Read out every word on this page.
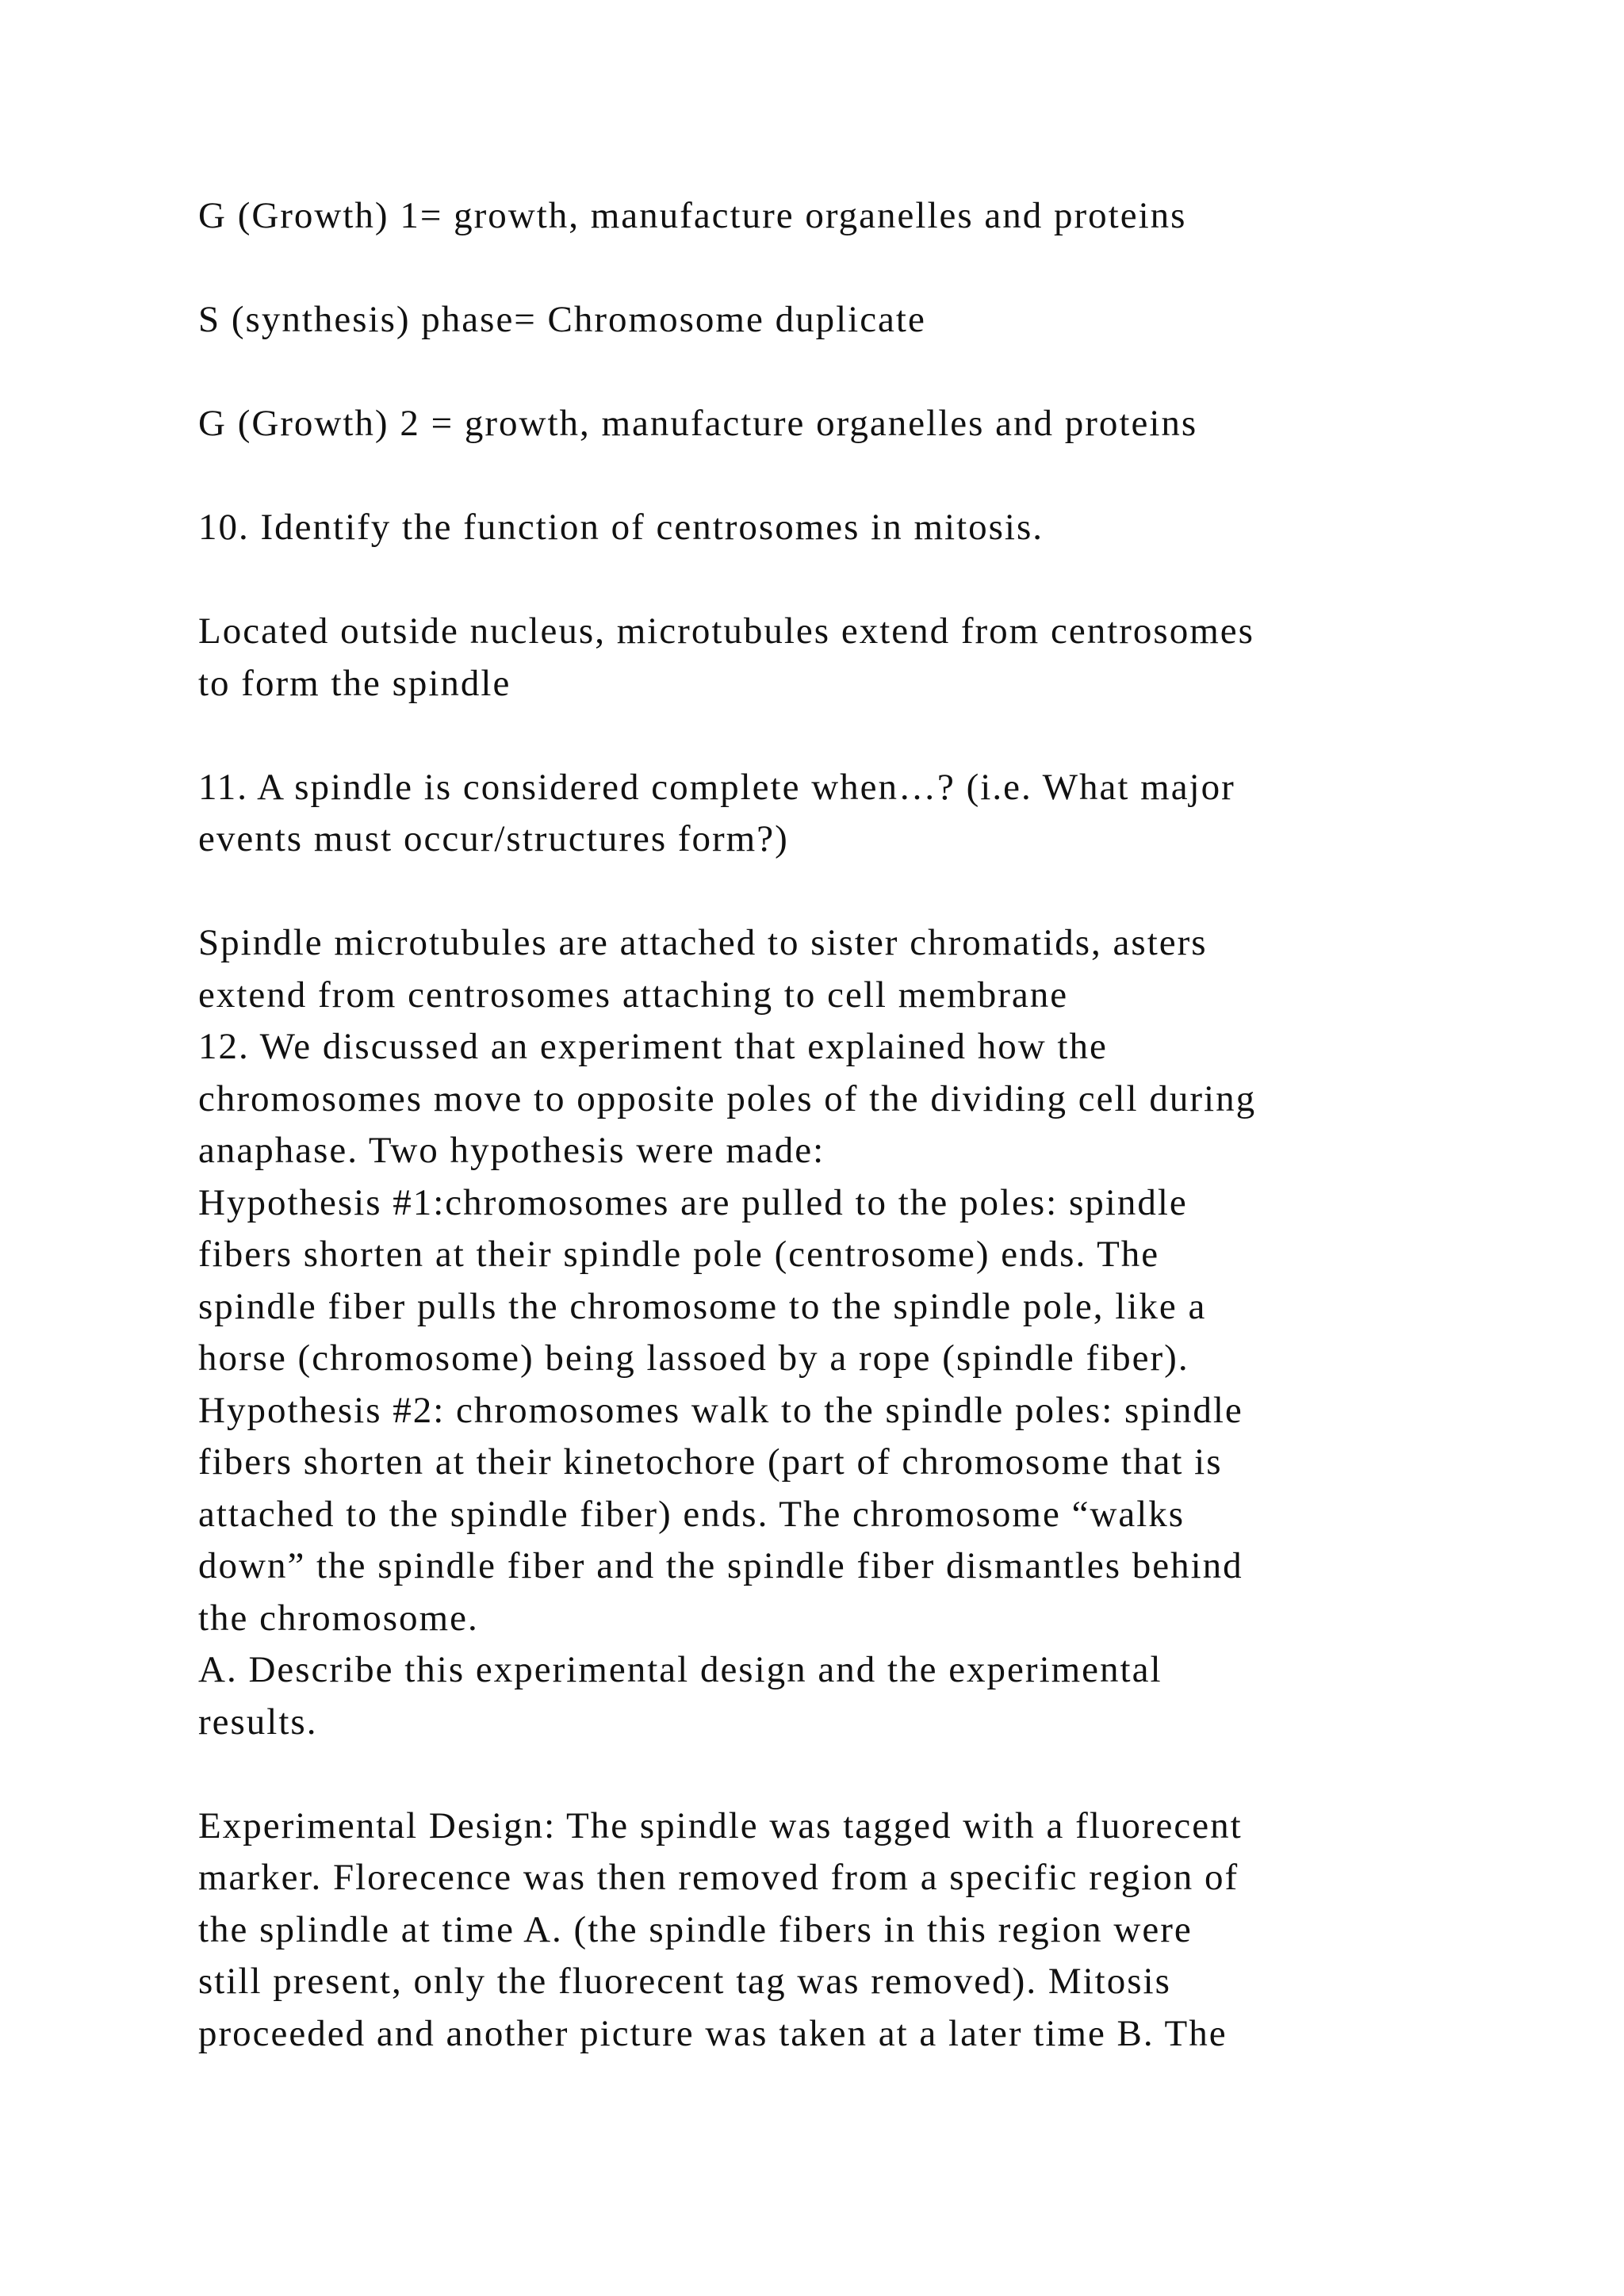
G (Growth) 1= growth, manufacture organelles and proteins

S (synthesis) phase= Chromosome duplicate

G (Growth) 2 = growth, manufacture organelles and proteins

10. Identify the function of centrosomes in mitosis.

Located outside nucleus, microtubules extend from centrosomes
to form the spindle

11. A spindle is considered complete when…? (i.e. What major
events must occur/structures form?)

Spindle microtubules are attached to sister chromatids, asters
extend from centrosomes attaching to cell membrane
12. We discussed an experiment that explained how the
chromosomes move to opposite poles of the dividing cell during
anaphase. Two hypothesis were made:
Hypothesis #1:chromosomes are pulled to the poles: spindle
fibers shorten at their spindle pole (centrosome) ends. The
spindle fiber pulls the chromosome to the spindle pole, like a
horse (chromosome) being lassoed by a rope (spindle fiber).
Hypothesis #2: chromosomes walk to the spindle poles: spindle
fibers shorten at their kinetochore (part of chromosome that is
attached to the spindle fiber) ends. The chromosome “walks
down” the spindle fiber and the spindle fiber dismantles behind
the chromosome.
A. Describe this experimental design and the experimental
results.

Experimental Design: The spindle was tagged with a fluorecent
marker. Florecence was then removed from a specific region of
the splindle at time A. (the spindle fibers in this region were
still present, only the fluorecent tag was removed). Mitosis
proceeded and another picture was taken at a later time B. The
